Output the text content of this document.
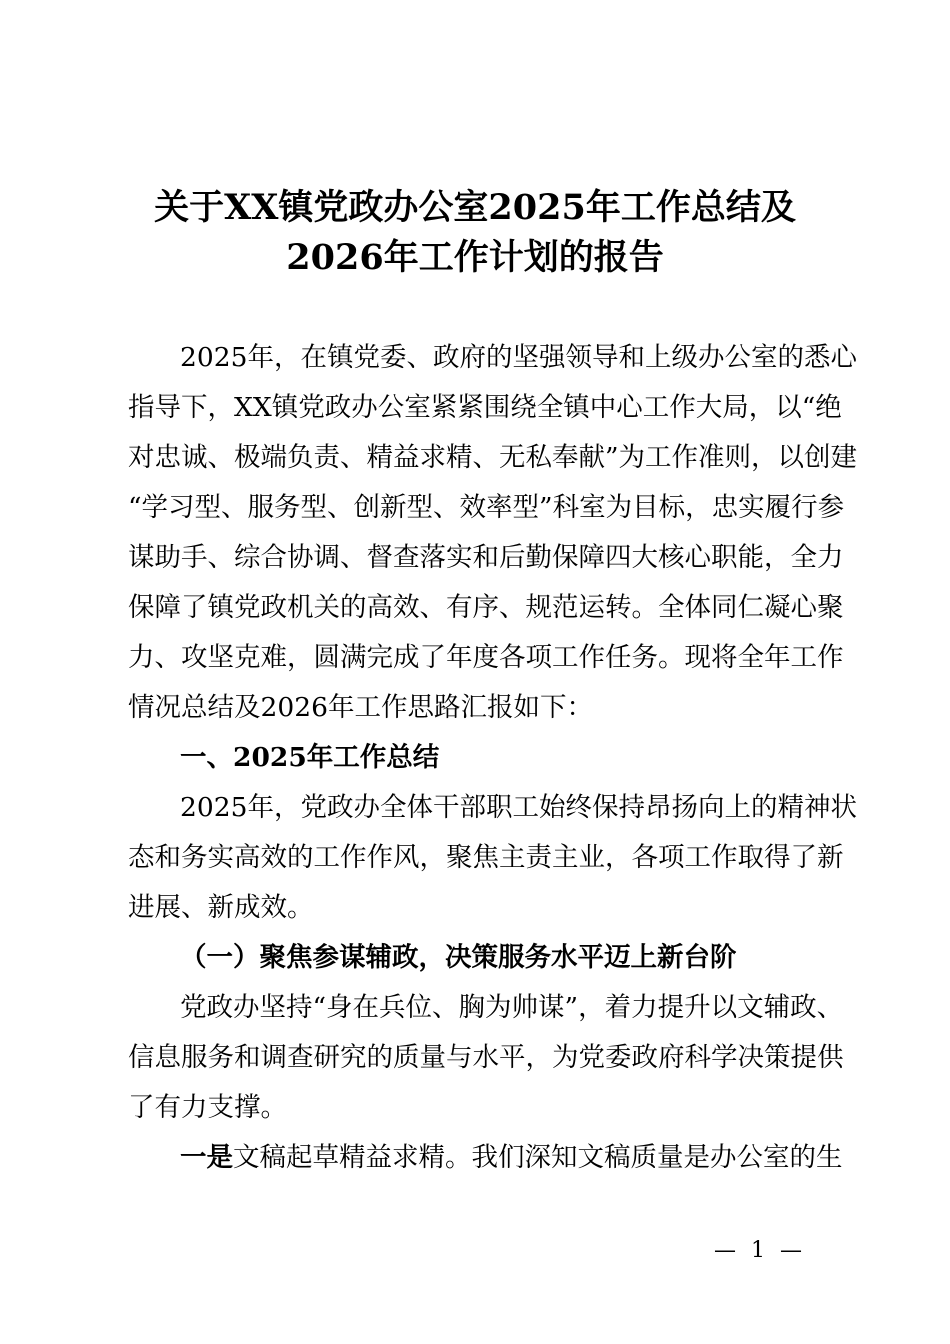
关于XX镇党政办公室2025年工作总结及
2026年工作计划的报告
2025年，在镇党委、政府的坚强领导和上级办公室的悉心
指导下，XX镇党政办公室紧紧围绕全镇中心工作大局，以“绝
对忠诚、极端负责、精益求精、无私奉献”为工作准则，以创建
“学习型、服务型、创新型、效率型”科室为目标，忠实履行参
谋助手、综合协调、督查落实和后勤保障四大核心职能，全力
保障了镇党政机关的高效、有序、规范运转。全体同仁凝心聚
力、攻坚克难，圆满完成了年度各项工作任务。现将全年工作
情况总结及2026年工作思路汇报如下：
一、2025年工作总结
2025年，党政办全体干部职工始终保持昂扬向上的精神状
态和务实高效的工作作风，聚焦主责主业，各项工作取得了新
进展、新成效。
（一）聚焦参谋辅政，决策服务水平迈上新台阶
党政办坚持“身在兵位、胸为帅谋”，着力提升以文辅政、
信息服务和调查研究的质量与水平，为党委政府科学决策提供
了有力支撑。
一是文稿起草精益求精。我们深知文稿质量是办公室的生
— 1 —
